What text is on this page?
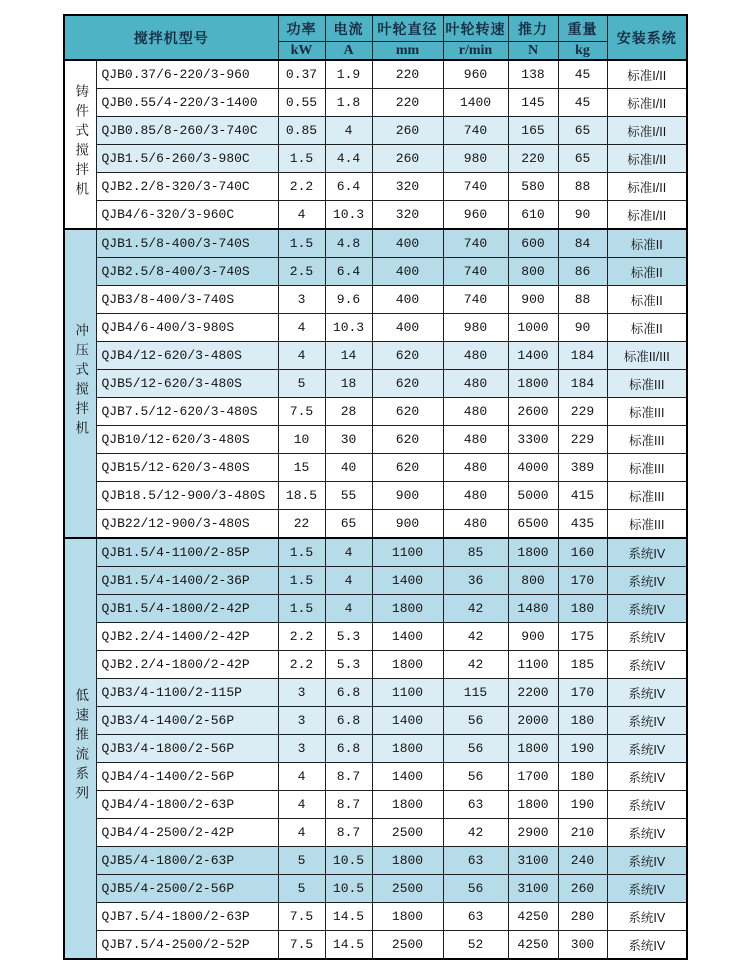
搅拌机型号		功率	电流	叶轮直径	叶轮转速	推力	重量	安装系统
		kW	A	mm	r/min	N	kg	
铸件式搅拌机	QJB0.37/6-220/3-960	0.37	1.9	220	960	138	45	标准I/II
	QJB0.55/4-220/3-1400	0.55	1.8	220	1400	145	45	标准I/II
	QJB0.85/8-260/3-740C	0.85	4	260	740	165	65	标准I/II
	QJB1.5/6-260/3-980C	1.5	4.4	260	980	220	65	标准I/II
	QJB2.2/8-320/3-740C	2.2	6.4	320	740	580	88	标准I/II
	QJB4/6-320/3-960C	4	10.3	320	960	610	90	标准I/II
冲压式搅拌机	QJB1.5/8-400/3-740S	1.5	4.8	400	740	600	84	标准II
	QJB2.5/8-400/3-740S	2.5	6.4	400	740	800	86	标准II
	QJB3/8-400/3-740S	3	9.6	400	740	900	88	标准II
	QJB4/6-400/3-980S	4	10.3	400	980	1000	90	标准II
	QJB4/12-620/3-480S	4	14	620	480	1400	184	标准II/III
	QJB5/12-620/3-480S	5	18	620	480	1800	184	标准III
	QJB7.5/12-620/3-480S	7.5	28	620	480	2600	229	标准III
	QJB10/12-620/3-480S	10	30	620	480	3300	229	标准III
	QJB15/12-620/3-480S	15	40	620	480	4000	389	标准III
	QJB18.5/12-900/3-480S	18.5	55	900	480	5000	415	标准III
	QJB22/12-900/3-480S	22	65	900	480	6500	435	标准III
低速推流系列	QJB1.5/4-1100/2-85P	1.5	4	1100	85	1800	160	系统IV
	QJB1.5/4-1400/2-36P	1.5	4	1400	36	800	170	系统IV
	QJB1.5/4-1800/2-42P	1.5	4	1800	42	1480	180	系统IV
	QJB2.2/4-1400/2-42P	2.2	5.3	1400	42	900	175	系统IV
	QJB2.2/4-1800/2-42P	2.2	5.3	1800	42	1100	185	系统IV
	QJB3/4-1100/2-115P	3	6.8	1100	115	2200	170	系统IV
	QJB3/4-1400/2-56P	3	6.8	1400	56	2000	180	系统IV
	QJB3/4-1800/2-56P	3	6.8	1800	56	1800	190	系统IV
	QJB4/4-1400/2-56P	4	8.7	1400	56	1700	180	系统IV
	QJB4/4-1800/2-63P	4	8.7	1800	63	1800	190	系统IV
	QJB4/4-2500/2-42P	4	8.7	2500	42	2900	210	系统IV
	QJB5/4-1800/2-63P	5	10.5	1800	63	3100	240	系统IV
	QJB5/4-2500/2-56P	5	10.5	2500	56	3100	260	系统IV
	QJB7.5/4-1800/2-63P	7.5	14.5	1800	63	4250	280	系统IV
	QJB7.5/4-2500/2-52P	7.5	14.5	2500	52	4250	300	系统IV
